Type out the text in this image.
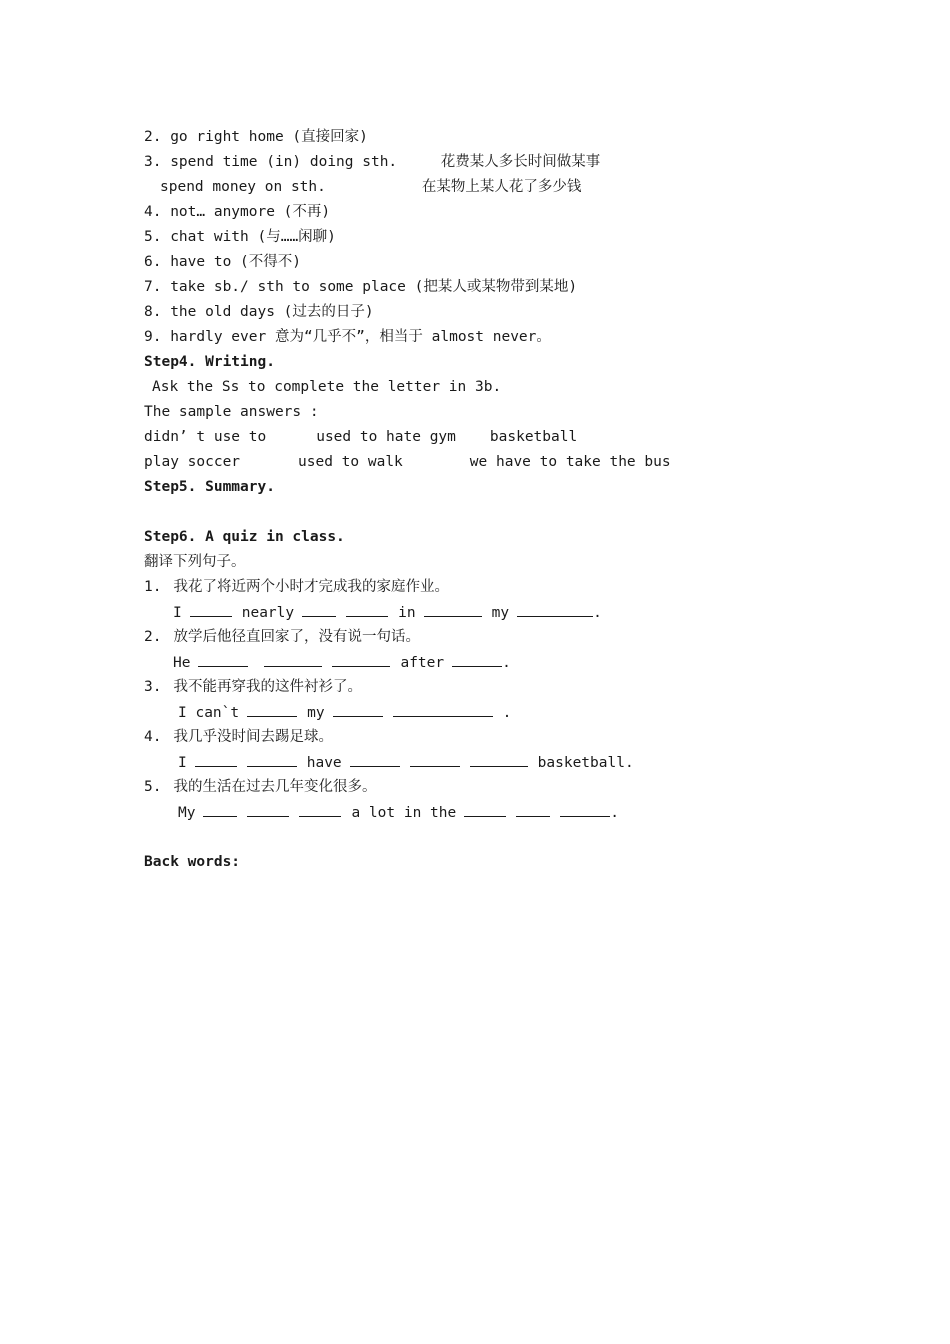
2. go right home (直接回家)
3. spend time (in) doing sth.     花费某人多长时间做某事
spend money on sth.           在某物上某人花了多少钱
4. not… anymore (不再)
5. chat with (与……闲聊)
6. have to (不得不)
7. take sb./ sth to some place (把某人或某物带到某地)
8. the old days (过去的日子)
9. hardly ever 意为“几乎不”，相当于 almost never。
Step4. Writing.
Ask the Ss to complete the letter in 3b.
The sample answers :
didn’ t use to	used to hate gym basketball
play soccer	used to walk	we have to take the bus
Step5. Summary.
Step6. A quiz in class.
翻译下列句子。
1. 我花了将近两个小时才完成我的家庭作业。
I	nearly	in	my	.
2. 放学后他径直回家了，没有说一句话。
He	after	.
3. 我不能再穿我的这件衬衫了。
I can`t	my	.
4. 我几乎没时间去踢足球。
I	have	basketball.
5. 我的生活在过去几年变化很多。
My	a lot in the	.
Back words:
